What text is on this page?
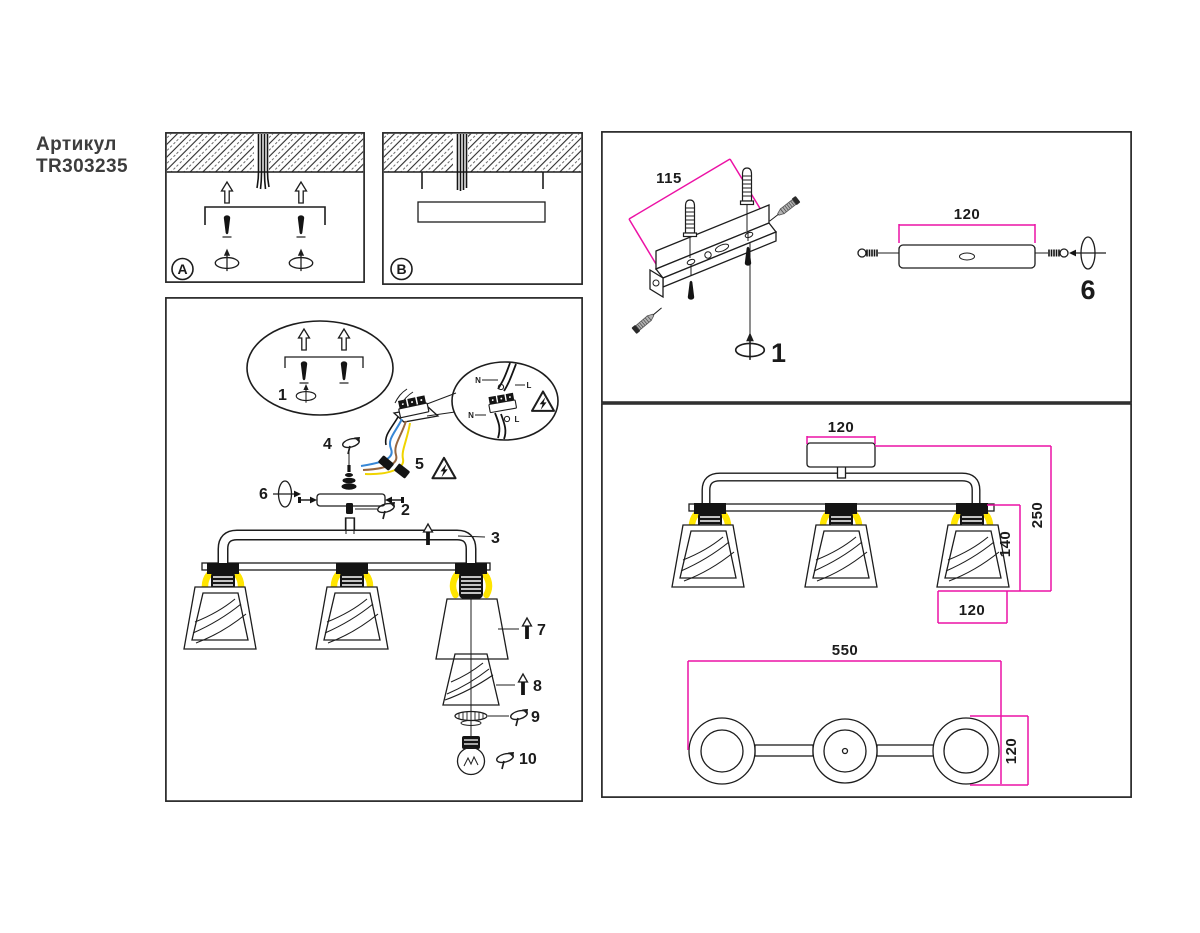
Артикул
TR303235
A	B
1
N
L
N	L
5
4
6
2
3
7
8
9
10
115
1
120
6
120
250
140
120
550
120
